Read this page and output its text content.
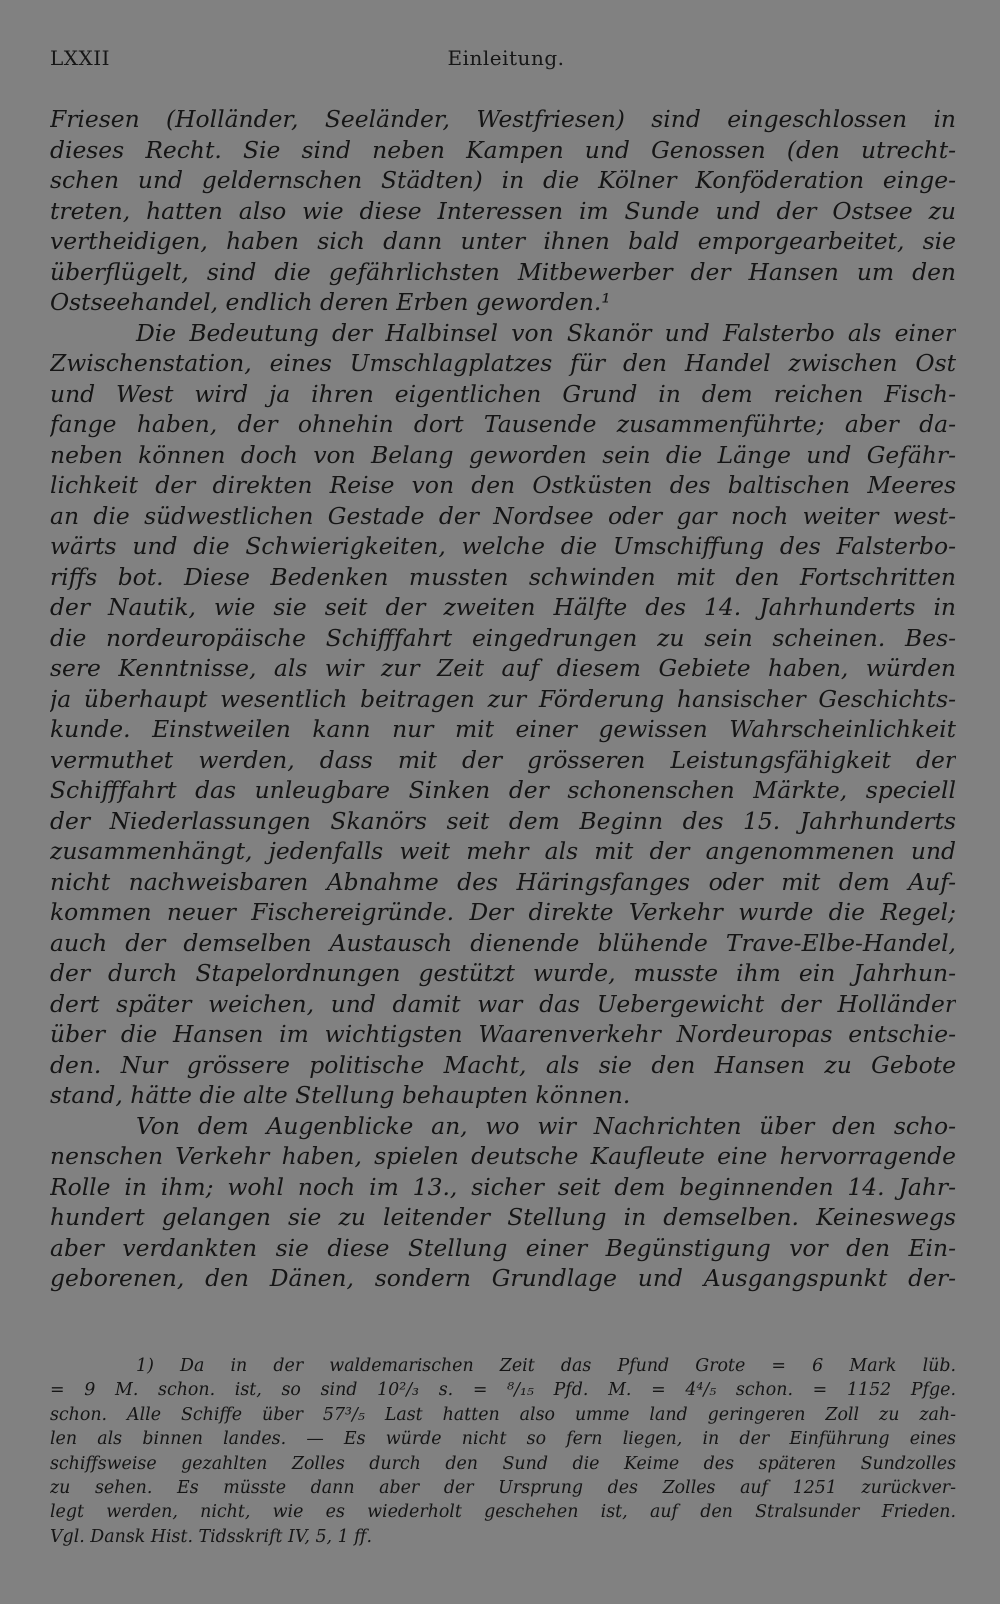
LXXII	Einleitung.
Friesen (Holländer, Seeländer, Westfriesen) sind eingeschlossen in
dieses Recht. Sie sind neben Kampen und Genossen (den utrecht-
schen und geldernschen Städten) in die Kölner Konföderation einge-
treten, hatten also wie diese Interessen im Sunde und der Ostsee zu
vertheidigen, haben sich dann unter ihnen bald emporgearbeitet, sie
überflügelt, sind die gefährlichsten Mitbewerber der Hansen um den
Ostseehandel, endlich deren Erben geworden.¹
Die Bedeutung der Halbinsel von Skanör und Falsterbo als einer
Zwischenstation, eines Umschlagplatzes für den Handel zwischen Ost
und West wird ja ihren eigentlichen Grund in dem reichen Fisch-
fange haben, der ohnehin dort Tausende zusammenführte; aber da-
neben können doch von Belang geworden sein die Länge und Gefähr-
lichkeit der direkten Reise von den Ostküsten des baltischen Meeres
an die südwestlichen Gestade der Nordsee oder gar noch weiter west-
wärts und die Schwierigkeiten, welche die Umschiffung des Falsterbo-
riffs bot. Diese Bedenken mussten schwinden mit den Fortschritten
der Nautik, wie sie seit der zweiten Hälfte des 14. Jahrhunderts in
die nordeuropäische Schifffahrt eingedrungen zu sein scheinen. Bes-
sere Kenntnisse, als wir zur Zeit auf diesem Gebiete haben, würden
ja überhaupt wesentlich beitragen zur Förderung hansischer Geschichts-
kunde. Einstweilen kann nur mit einer gewissen Wahrscheinlichkeit
vermuthet werden, dass mit der grösseren Leistungsfähigkeit der
Schifffahrt das unleugbare Sinken der schonenschen Märkte, speciell
der Niederlassungen Skanörs seit dem Beginn des 15. Jahrhunderts
zusammenhängt, jedenfalls weit mehr als mit der angenommenen und
nicht nachweisbaren Abnahme des Häringsfanges oder mit dem Auf-
kommen neuer Fischereigründe. Der direkte Verkehr wurde die Regel;
auch der demselben Austausch dienende blühende Trave-Elbe-Handel,
der durch Stapelordnungen gestützt wurde, musste ihm ein Jahrhun-
dert später weichen, und damit war das Uebergewicht der Holländer
über die Hansen im wichtigsten Waarenverkehr Nordeuropas entschie-
den. Nur grössere politische Macht, als sie den Hansen zu Gebote
stand, hätte die alte Stellung behaupten können.
Von dem Augenblicke an, wo wir Nachrichten über den scho-
nenschen Verkehr haben, spielen deutsche Kaufleute eine hervorragende
Rolle in ihm; wohl noch im 13., sicher seit dem beginnenden 14. Jahr-
hundert gelangen sie zu leitender Stellung in demselben. Keineswegs
aber verdankten sie diese Stellung einer Begünstigung vor den Ein-
geborenen, den Dänen, sondern Grundlage und Ausgangspunkt der-
1) Da in der waldemarischen Zeit das Pfund Grote = 6 Mark lüb.
= 9 M. schon. ist, so sind 10²/₃ s. = ⁸/₁₅ Pfd. M. = 4⁴/₅ schon. = 1152 Pfge.
schon. Alle Schiffe über 57³/₅ Last hatten also umme land geringeren Zoll zu zah-
len als binnen landes. — Es würde nicht so fern liegen, in der Einführung eines
schiffsweise gezahlten Zolles durch den Sund die Keime des späteren Sundzolles
zu sehen. Es müsste dann aber der Ursprung des Zolles auf 1251 zurückver-
legt werden, nicht, wie es wiederholt geschehen ist, auf den Stralsunder Frieden.
Vgl. Dansk Hist. Tidsskrift IV, 5, 1 ff.
